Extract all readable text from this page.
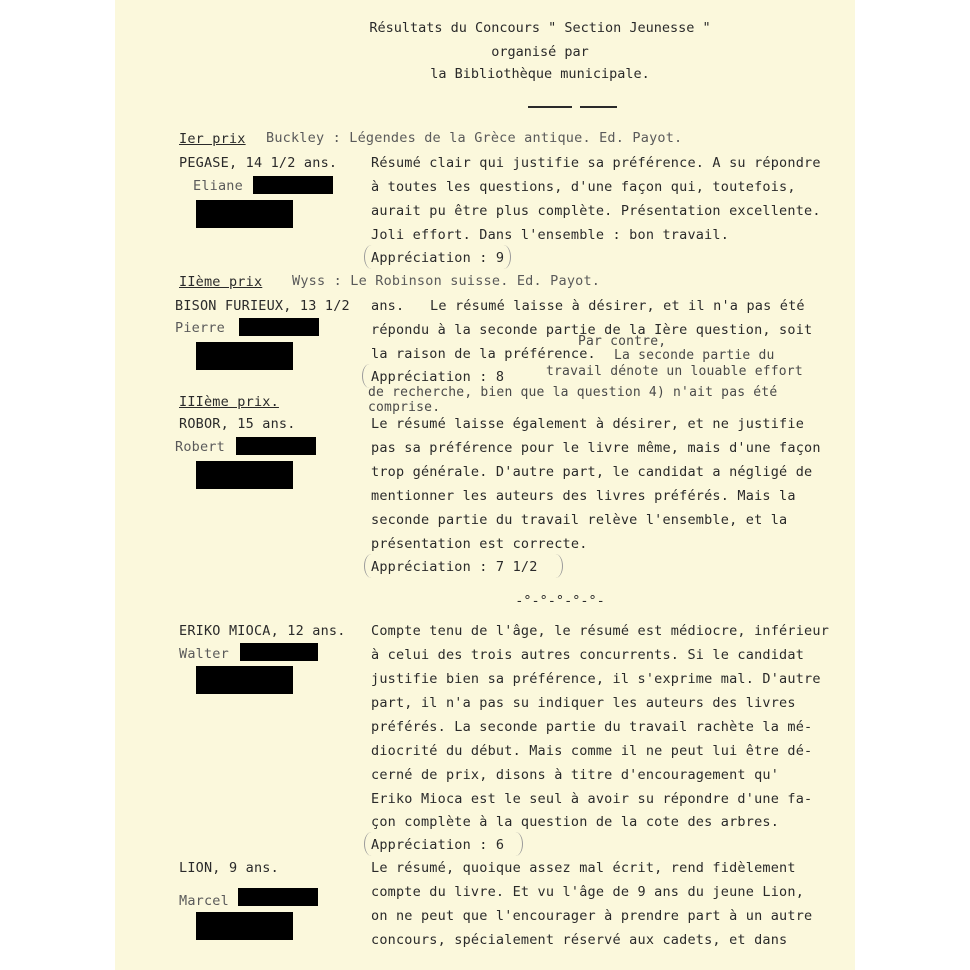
Résultats du Concours " Section Jeunesse "
organisé par
la Bibliothèque municipale.
Ier prix Buckley : Légendes de la Grèce antique. Ed. Payot.
PEGASE, 14 1/2 ans.
Eliane
Résumé clair qui justifie sa préférence. A su répondre
à toutes les questions, d'une façon qui, toutefois,
aurait pu être plus complète. Présentation excellente.
Joli effort. Dans l'ensemble : bon travail.
Appréciation : 9
IIème prix Wyss : Le Robinson suisse. Ed. Payot.
BISON FURIEUX, 13 1/2 ans. Le résumé laisse à désirer, et il n'a pas été
Pierre	répondu à la seconde partie de la Ière question, soit
Par contre,
la raison de la préférence. La seconde partie du
travail dénote un louable effort
Appréciation : 8
de recherche, bien que la question 4) n'ait pas été
comprise.
IIIème prix.
ROBOR, 15 ans.
Robert
Le résumé laisse également à désirer, et ne justifie
pas sa préférence pour le livre même, mais d'une façon
trop générale. D'autre part, le candidat a négligé de
mentionner les auteurs des livres préférés. Mais la
seconde partie du travail relève l'ensemble, et la
présentation est correcte.
Appréciation : 7 1/2
-°-°-°-°-°-
ERIKO MIOCA, 12 ans.
Walter
Compte tenu de l'âge, le résumé est médiocre, inférieur
à celui des trois autres concurrents. Si le candidat
justifie bien sa préférence, il s'exprime mal. D'autre
part, il n'a pas su indiquer les auteurs des livres
préférés. La seconde partie du travail rachète la mé-
diocrité du début. Mais comme il ne peut lui être dé-
cerné de prix, disons à titre d'encouragement qu'
Eriko Mioca est le seul à avoir su répondre d'une fa-
çon complète à la question de la cote des arbres.
Appréciation : 6
LION, 9 ans.
Marcel
Le résumé, quoique assez mal écrit, rend fidèlement
compte du livre. Et vu l'âge de 9 ans du jeune Lion,
on ne peut que l'encourager à prendre part à un autre
concours, spécialement réservé aux cadets, et dans
